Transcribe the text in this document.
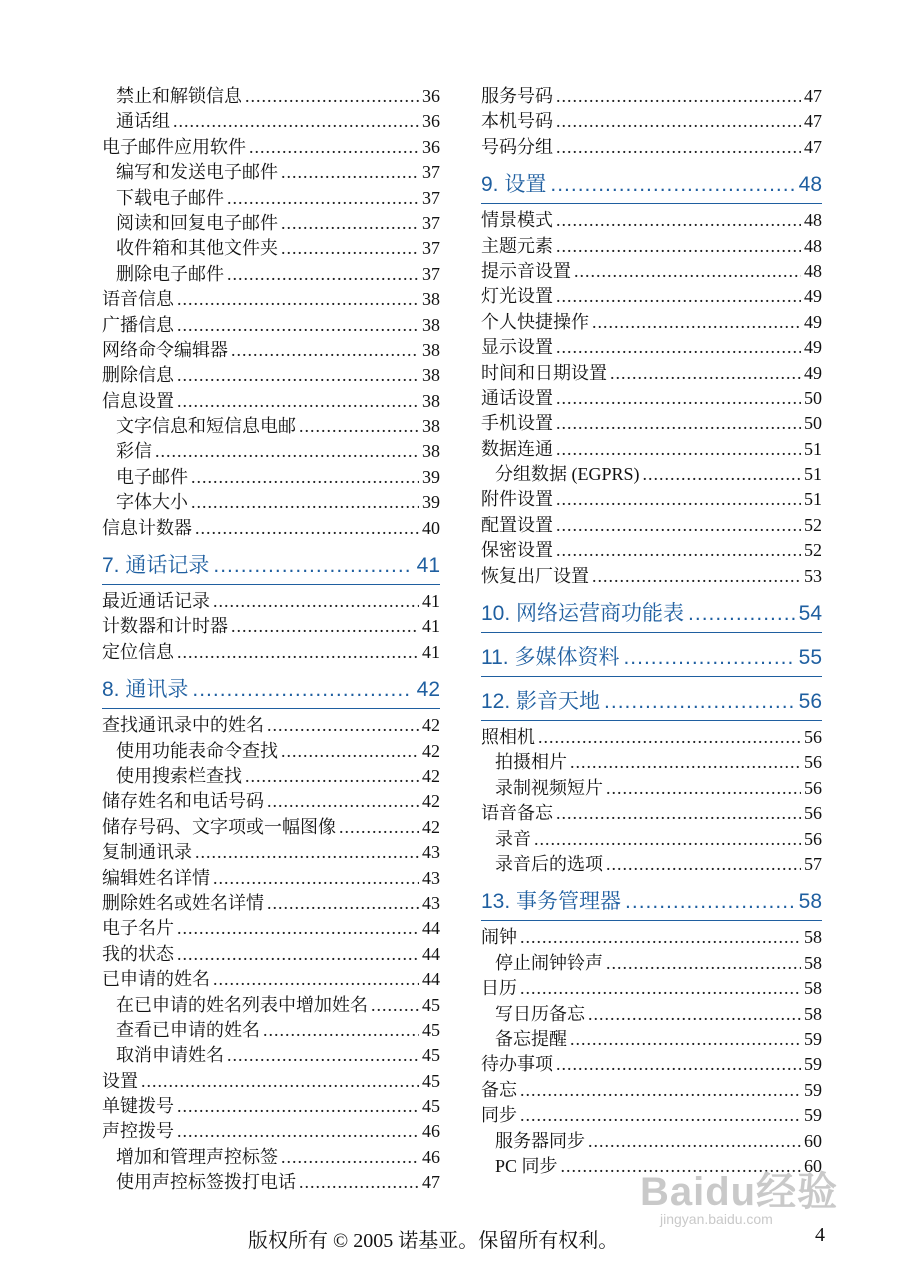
禁止和解锁信息 .....	36
通话组 .....	36
电子邮件应用软件 .....	36
编写和发送电子邮件 .....	37
下载电子邮件 .....	37
阅读和回复电子邮件 .....	37
收件箱和其他文件夹 .....	37
删除电子邮件 .....	37
语音信息 .....	38
广播信息 .....	38
网络命令编辑器 .....	38
删除信息 .....	38
信息设置 .....	38
文字信息和短信息电邮 .....	38
彩信 .....	38
电子邮件 .....	39
字体大小 .....	39
信息计数器 .....	40
7. 通话记录 .....	41
最近通话记录 .....	41
计数器和计时器 .....	41
定位信息 .....	41
8. 通讯录 .....	42
查找通讯录中的姓名 .....	42
使用功能表命令查找 .....	42
使用搜索栏查找 .....	42
储存姓名和电话号码 .....	42
储存号码、文字项或一幅图像 .....	42
复制通讯录 .....	43
编辑姓名详情 .....	43
删除姓名或姓名详情 .....	43
电子名片 .....	44
我的状态 .....	44
已申请的姓名 .....	44
在已申请的姓名列表中增加姓名 .....	45
查看已申请的姓名 .....	45
取消申请姓名 .....	45
设置 .....	45
单键拨号 .....	45
声控拨号 .....	46
增加和管理声控标签 .....	46
使用声控标签拨打电话 .....	47
服务号码 .....	47
本机号码 .....	47
号码分组 .....	47
9. 设置 .....	48
情景模式 .....	48
主题元素 .....	48
提示音设置 .....	48
灯光设置 .....	49
个人快捷操作 .....	49
显示设置 .....	49
时间和日期设置 .....	49
通话设置 .....	50
手机设置 .....	50
数据连通 .....	51
分组数据 (EGPRS) .....	51
附件设置 .....	51
配置设置 .....	52
保密设置 .....	52
恢复出厂设置 .....	53
10. 网络运营商功能表 .....	54
11. 多媒体资料 .....	55
12. 影音天地 .....	56
照相机 .....	56
拍摄相片 .....	56
录制视频短片 .....	56
语音备忘 .....	56
录音 .....	56
录音后的选项 .....	57
13. 事务管理器 .....	58
闹钟 .....	58
停止闹钟铃声 .....	58
日历 .....	58
写日历备忘 .....	58
备忘提醒 .....	59
待办事项 .....	59
备忘 .....	59
同步 .....	59
服务器同步 .....	60
PC 同步 .....	60
Baidu经验
jingyan.baidu.com
版权所有 © 2005 诺基亚。保留所有权利。	4
